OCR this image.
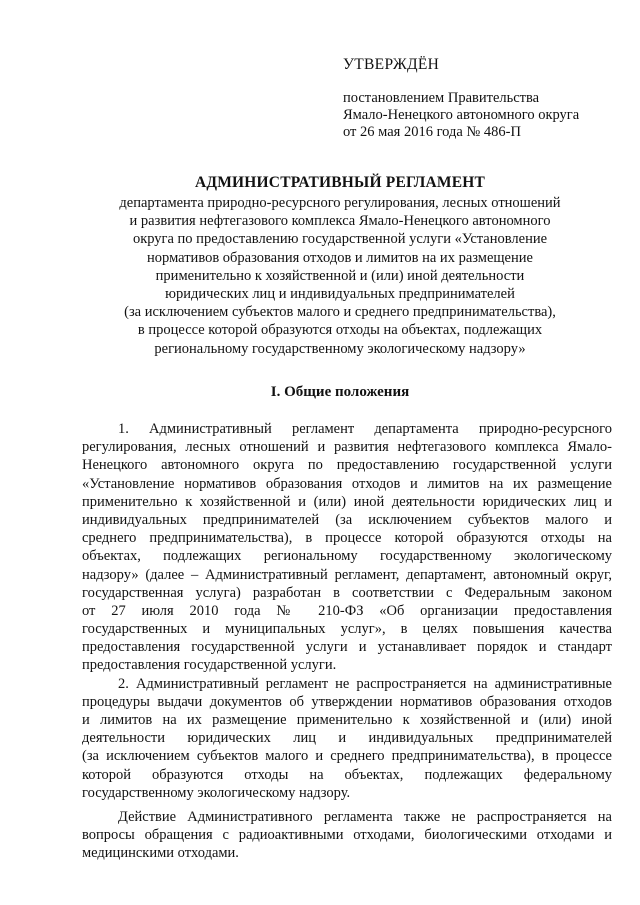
УТВЕРЖДЁН
постановлением Правительства
Ямало-Ненецкого автономного округа
от 26 мая 2016 года № 486-П
АДМИНИСТРАТИВНЫЙ РЕГЛАМЕНТ
департамента природно-ресурсного регулирования, лесных отношений
и развития нефтегазового комплекса Ямало-Ненецкого автономного
округа по предоставлению государственной услуги «Установление
нормативов образования отходов и лимитов на их размещение
применительно к хозяйственной и (или) иной деятельности
юридических лиц и индивидуальных предпринимателей
(за исключением субъектов малого и среднего предпринимательства),
в процессе которой образуются отходы на объектах, подлежащих
региональному государственному экологическому надзору»
I. Общие положения
1. Административный регламент департамента природно-ресурсного
регулирования, лесных отношений и развития нефтегазового комплекса Ямало-
Ненецкого автономного округа по предоставлению государственной услуги
«Установление нормативов образования отходов и лимитов на их размещение
применительно к хозяйственной и (или) иной деятельности юридических лиц и
индивидуальных предпринимателей (за исключением субъектов малого и
среднего предпринимательства), в процессе которой образуются отходы на
объектах, подлежащих региональному государственному экологическому
надзору» (далее – Административный регламент, департамент, автономный округ,
государственная услуга) разработан в соответствии с Федеральным законом
от 27 июля 2010 года № 210-ФЗ «Об организации предоставления
государственных и муниципальных услуг», в целях повышения качества
предоставления государственной услуги и устанавливает порядок и стандарт
предоставления государственной услуги.
2. Административный регламент не распространяется на административные
процедуры выдачи документов об утверждении нормативов образования отходов
и лимитов на их размещение применительно к хозяйственной и (или) иной
деятельности юридических лиц и индивидуальных предпринимателей
(за исключением субъектов малого и среднего предпринимательства), в процессе
которой образуются отходы на объектах, подлежащих федеральному
государственному экологическому надзору.
Действие Административного регламента также не распространяется на
вопросы обращения с радиоактивными отходами, биологическими отходами и
медицинскими отходами.
